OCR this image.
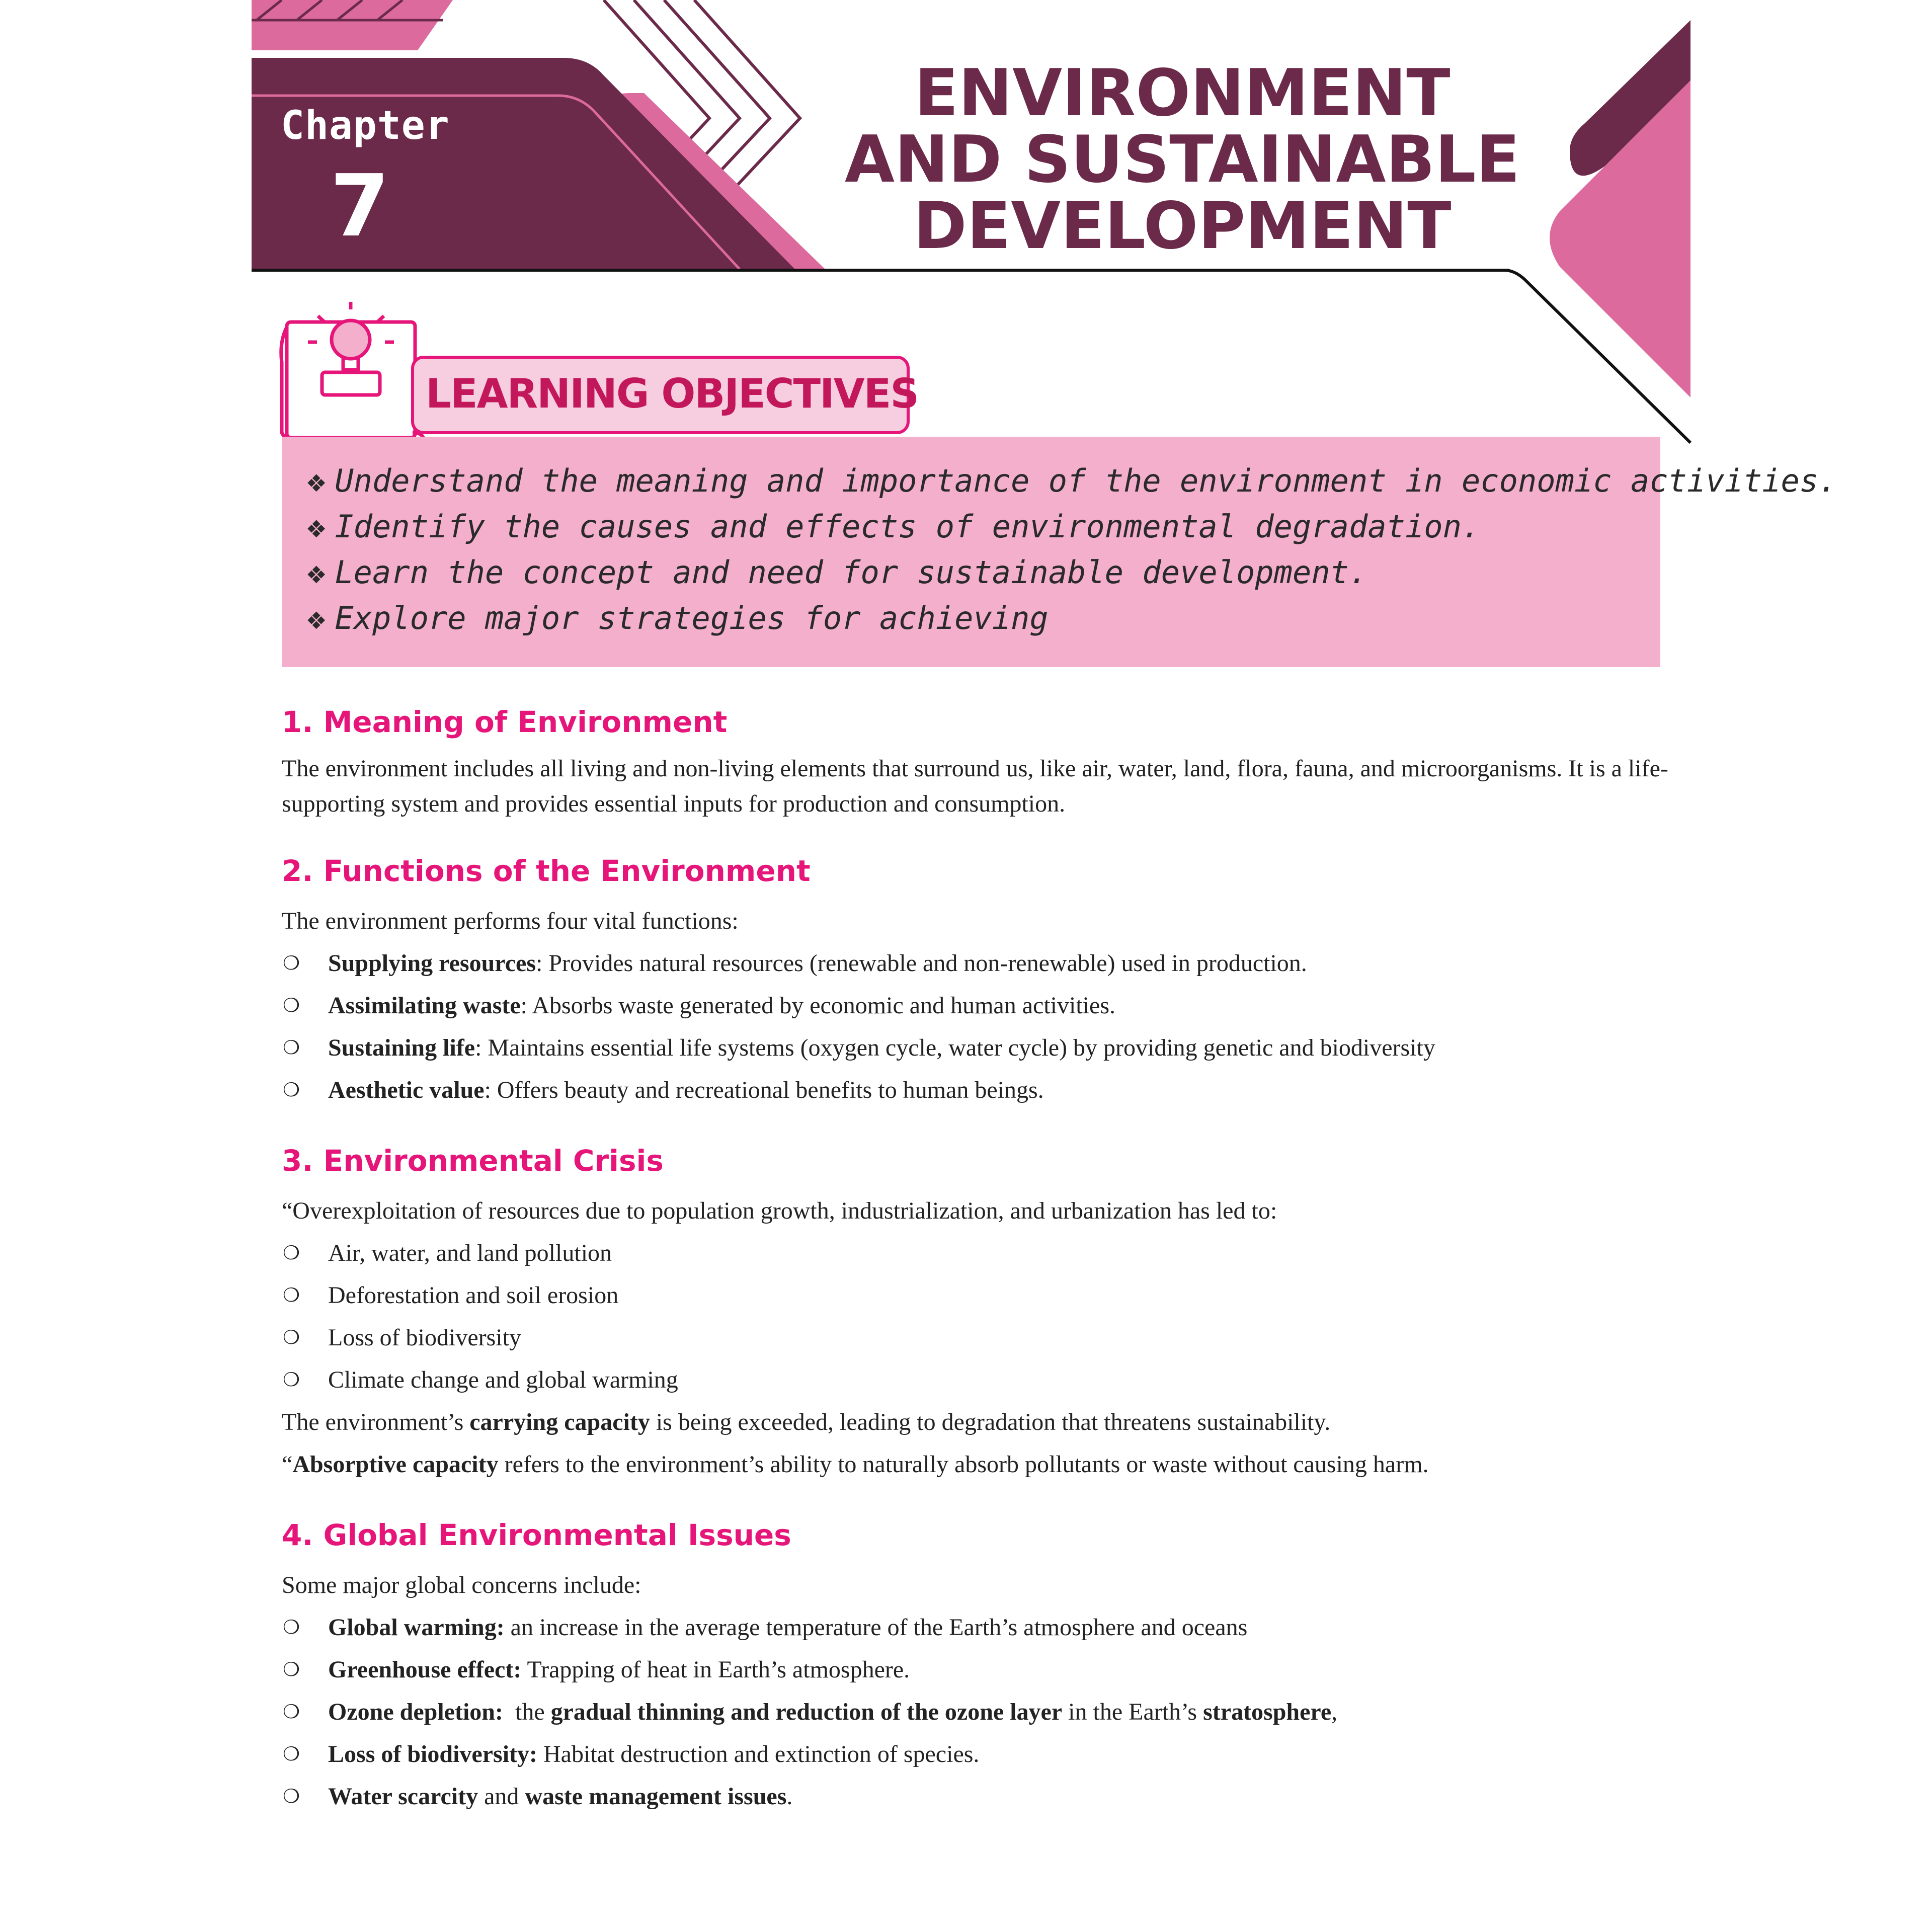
Chapter
7
ENVIRONMENT
AND SUSTAINABLE
DEVELOPMENT
LEARNING OBJECTIVES
❖ Understand the meaning and importance of the environment in economic activities.
❖ Identify the causes and effects of environmental degradation.
❖ Learn the concept and need for sustainable development.
❖ Explore major strategies for achieving
1. Meaning of Environment

The environment includes all living and non-living elements that surround us, like air, water, land, flora, fauna, and microorganisms. It is a life-supporting system and provides essential inputs for production and consumption.

2. Functions of the Environment
The environment performs four vital functions:
❍ Supplying resources: Provides natural resources (renewable and non-renewable) used in production.
❍ Assimilating waste: Absorbs waste generated by economic and human activities.
❍ Sustaining life: Maintains essential life systems (oxygen cycle, water cycle) by providing genetic and biodiversity
❍ Aesthetic value: Offers beauty and recreational benefits to human beings.
3. Environmental Crisis
“Overexploitation of resources due to population growth, industrialization, and urbanization has led to:
❍ Air, water, and land pollution
❍ Deforestation and soil erosion
❍ Loss of biodiversity
❍ Climate change and global warming
The environment’s carrying capacity is being exceeded, leading to degradation that threatens sustainability.
“Absorptive capacity refers to the environment’s ability to naturally absorb pollutants or waste without causing harm.
4. Global Environmental Issues
Some major global concerns include:
❍ Global warming: an increase in the average temperature of the Earth’s atmosphere and oceans
❍ Greenhouse effect: Trapping of heat in Earth’s atmosphere.
❍ Ozone depletion:  the gradual thinning and reduction of the ozone layer in the Earth’s stratosphere,
❍ Loss of biodiversity: Habitat destruction and extinction of species.
❍ Water scarcity and waste management issues.
